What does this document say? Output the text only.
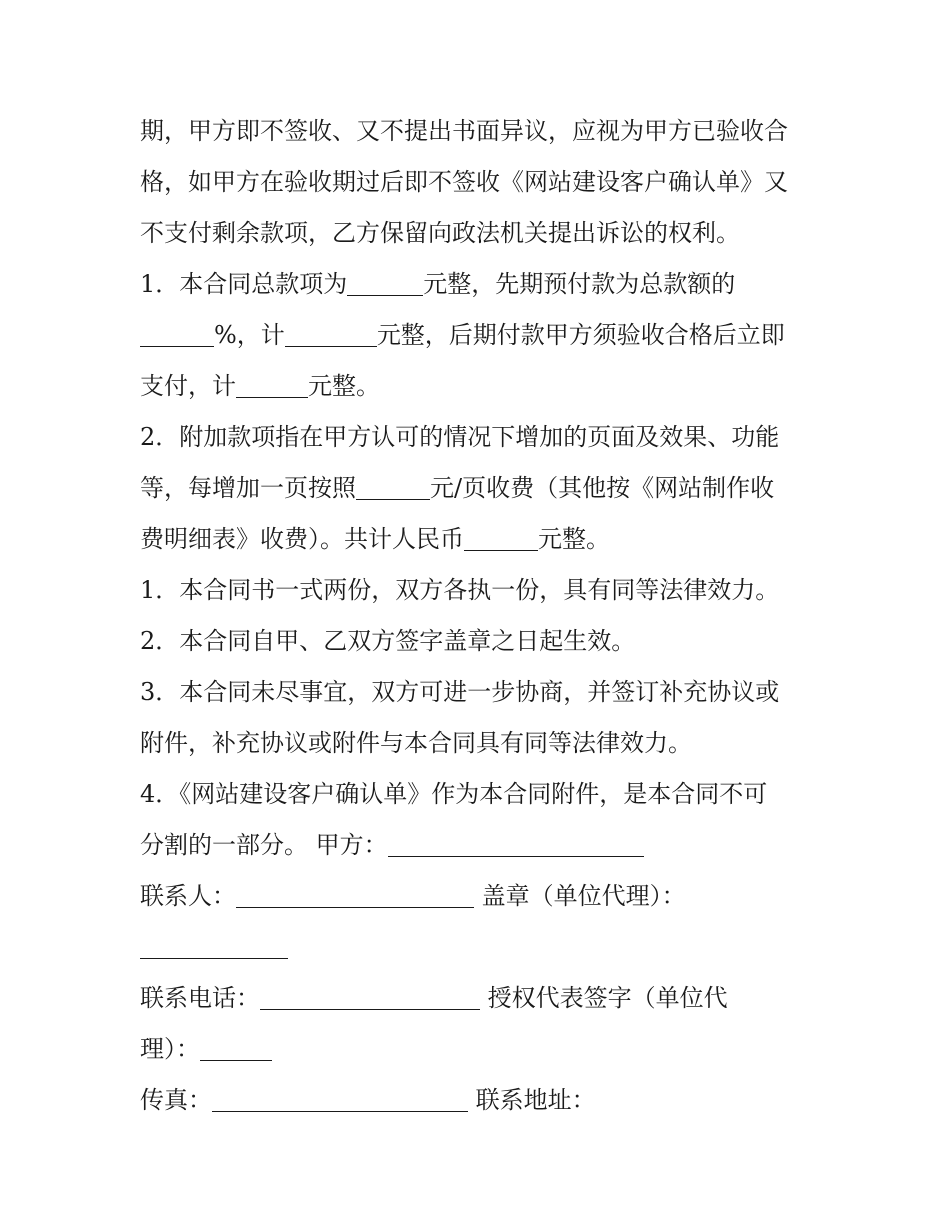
期，甲方即不签收、又不提出书面异议，应视为甲方已验收合
格，如甲方在验收期过后即不签收《网站建设客户确认单》又
不支付剩余款项，乙方保留向政法机关提出诉讼的权利。
1．本合同总款项为	元整，先期预付款为总款额的
%，计	元整，后期付款甲方须验收合格后立即
支付，计	元整。
2．附加款项指在甲方认可的情况下增加的页面及效果、功能
等，每增加一页按照	元/页收费（其他按《网站制作收
费明细表》收费）。共计人民币	元整。
1．本合同书一式两份，双方各执一份，具有同等法律效力。
2．本合同自甲、乙双方签字盖章之日起生效。
3．本合同未尽事宜，双方可进一步协商，并签订补充协议或
附件，补充协议或附件与本合同具有同等法律效力。
4．《网站建设客户确认单》作为本合同附件，是本合同不可
分割的一部分。 甲方：
联系人：	盖章（单位代理）：
联系电话：	授权代表签字（单位代
理）：
传真：	联系地址：
